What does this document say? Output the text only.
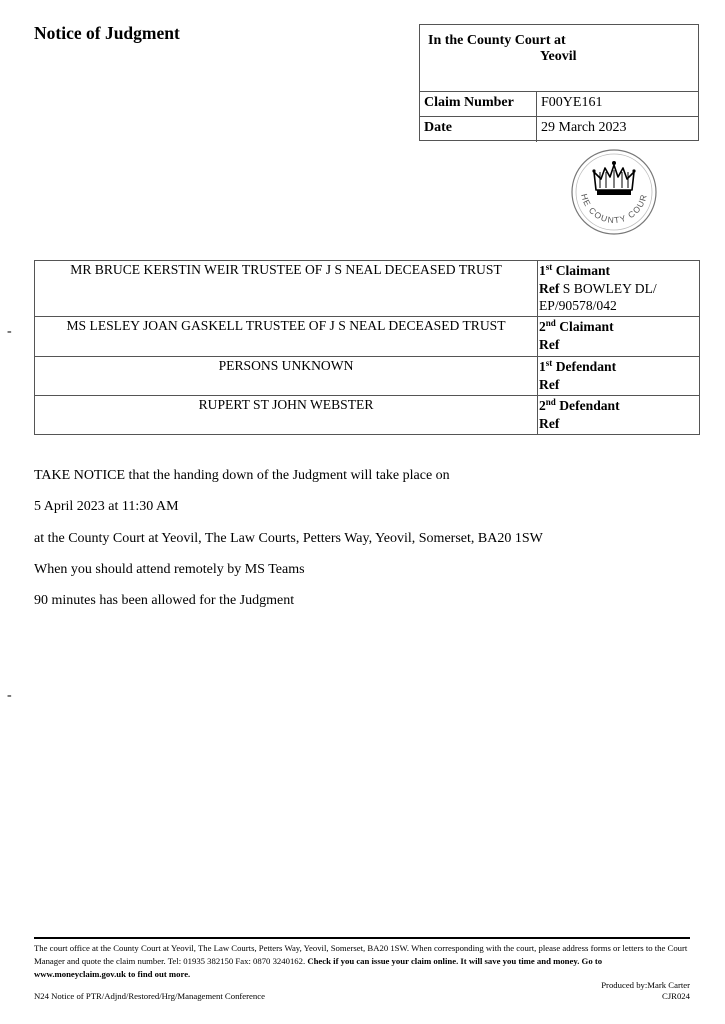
Notice of Judgment	In the County Court at
Yeovil
Claim Number F00YE161
Date	29 March 2023
HE COUNTY COUR
MR BRUCE KERSTIN WEIR TRUSTEE OF J S NEAL DECEASED TRUST	1st Claimant
Ref S BOWLEY DL/ EP/90578/042
MS LESLEY JOAN GASKELL TRUSTEE OF J S NEAL DECEASED TRUST	2nd Claimant
Ref
PERSONS UNKNOWN	1st Defendant
Ref
RUPERT ST JOHN WEBSTER	2nd Defendant
Ref
-
-
TAKE NOTICE that the handing down of the Judgment will take place on
5 April 2023 at 11:30 AM
at the County Court at Yeovil, The Law Courts, Petters Way, Yeovil, Somerset, BA20 1SW
When you should attend remotely by MS Teams
90 minutes has been allowed for the Judgment
The court office at the County Court at Yeovil, The Law Courts, Petters Way, Yeovil, Somerset, BA20 1SW. When corresponding with the court, please address forms or letters to the Court Manager and quote the claim number. Tel: 01935 382150 Fax: 0870 3240162. Check if you can issue your claim online. It will save you time and money. Go to www.moneyclaim.gov.uk to find out more.
Produced by:Mark Carter
N24 Notice of PTR/Adjnd/Restored/Hrg/Management Conference	CJR024
